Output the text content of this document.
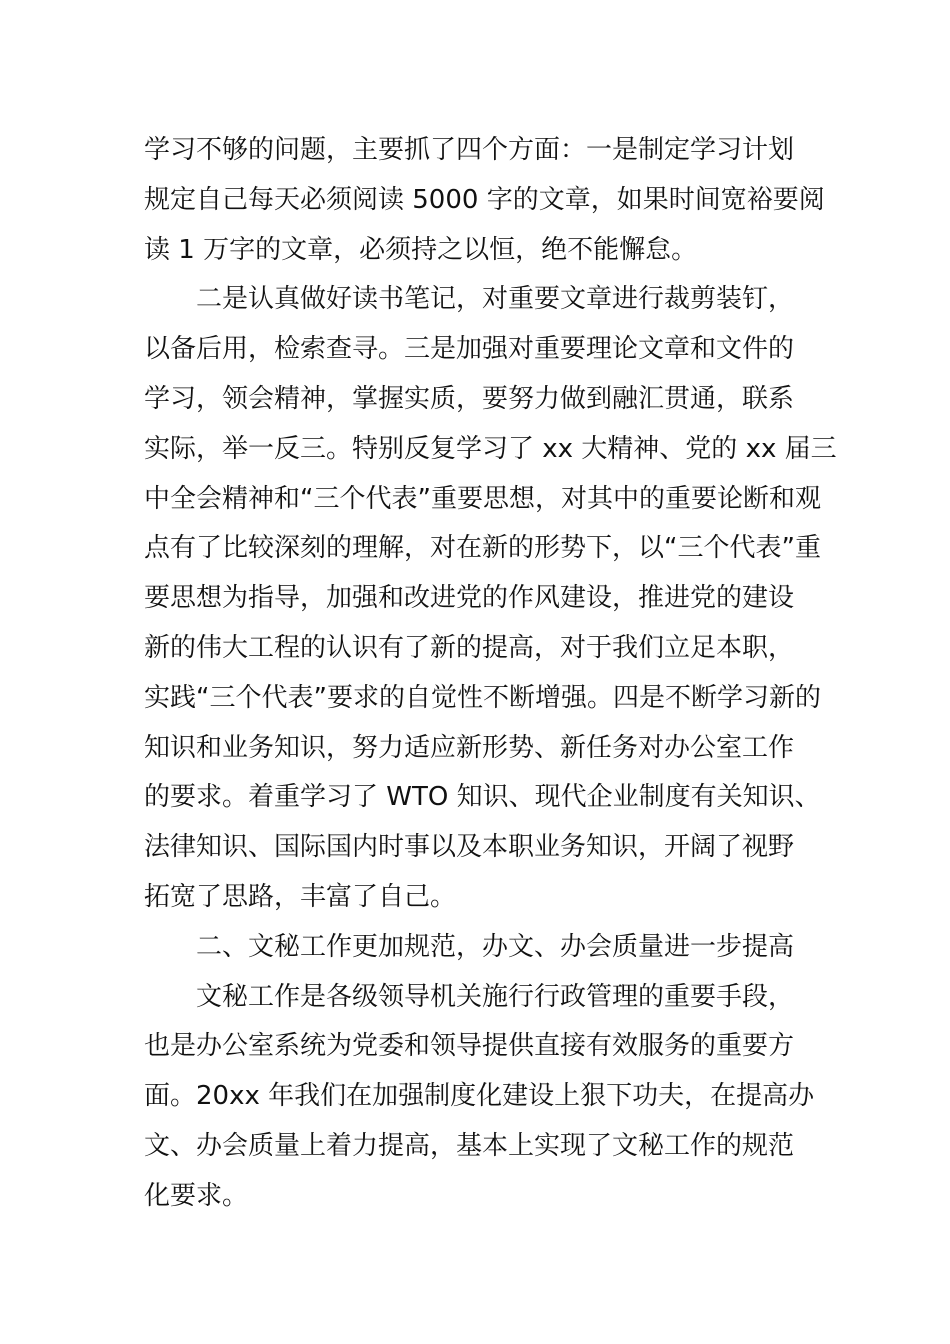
学习不够的问题，主要抓了四个方面：一是制定学习计划
规定自己每天必须阅读 5000 字的文章，如果时间宽裕要阅
读 1 万字的文章，必须持之以恒，绝不能懈怠。
二是认真做好读书笔记，对重要文章进行裁剪装钉，
以备后用，检索查寻。三是加强对重要理论文章和文件的
学习，领会精神，掌握实质，要努力做到融汇贯通，联系
实际，举一反三。特别反复学习了 xx 大精神、党的 xx 届三
中全会精神和“三个代表”重要思想，对其中的重要论断和观
点有了比较深刻的理解，对在新的形势下，以“三个代表”重
要思想为指导，加强和改进党的作风建设，推进党的建设
新的伟大工程的认识有了新的提高，对于我们立足本职，
实践“三个代表”要求的自觉性不断增强。四是不断学习新的
知识和业务知识，努力适应新形势、新任务对办公室工作
的要求。着重学习了 WTO 知识、现代企业制度有关知识、
法律知识、国际国内时事以及本职业务知识，开阔了视野
拓宽了思路，丰富了自己。
二、文秘工作更加规范，办文、办会质量进一步提高
文秘工作是各级领导机关施行行政管理的重要手段，
也是办公室系统为党委和领导提供直接有效服务的重要方
面。20xx 年我们在加强制度化建设上狠下功夫，在提高办
文、办会质量上着力提高，基本上实现了文秘工作的规范
化要求。
